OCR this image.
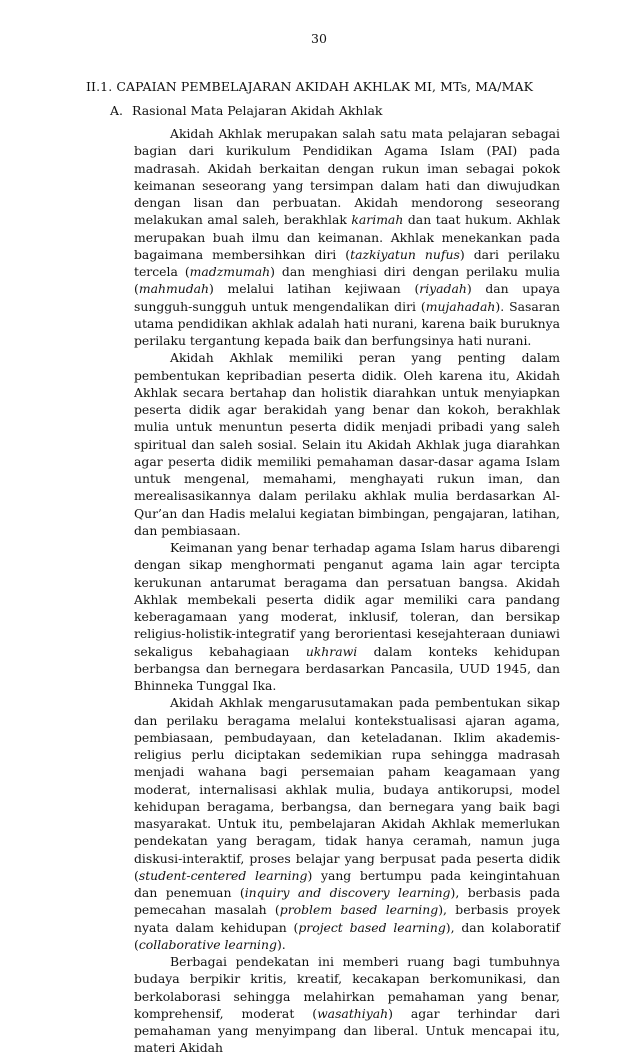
30
II.1. CAPAIAN PEMBELAJARAN AKIDAH AKHLAK MI, MTs, MA/MAK
A. Rasional Mata Pelajaran Akidah Akhlak

Akidah Akhlak merupakan salah satu mata pelajaran sebagai bagian dari kurikulum Pendidikan Agama Islam (PAI) pada madrasah. Akidah berkaitan dengan rukun iman sebagai pokok keimanan seseorang yang tersimpan dalam hati dan diwujudkan dengan lisan dan perbuatan. Akidah mendorong seseorang melakukan amal saleh, berakhlak karimah dan taat hukum. Akhlak merupakan buah ilmu dan keimanan. Akhlak menekankan pada bagaimana membersihkan diri (tazkiyatun nufus) dari perilaku tercela (madzmumah) dan menghiasi diri dengan perilaku mulia (mahmudah) melalui latihan kejiwaan (riyadah) dan upaya sungguh-sungguh untuk mengendalikan diri (mujahadah). Sasaran utama pendidikan akhlak adalah hati nurani, karena baik buruknya perilaku tergantung kepada baik dan berfungsinya hati nurani.

Akidah Akhlak memiliki peran yang penting dalam pembentukan kepribadian peserta didik. Oleh karena itu, Akidah Akhlak secara bertahap dan holistik diarahkan untuk menyiapkan peserta didik agar berakidah yang benar dan kokoh, berakhlak mulia untuk menuntun peserta didik menjadi pribadi yang saleh spiritual dan saleh sosial. Selain itu Akidah Akhlak juga diarahkan agar peserta didik memiliki pemahaman dasar-dasar agama Islam untuk mengenal, memahami, menghayati rukun iman, dan merealisasikannya dalam perilaku akhlak mulia berdasarkan Al-Qur’an dan Hadis melalui kegiatan bimbingan, pengajaran, latihan, dan pembiasaan.

Keimanan yang benar terhadap agama Islam harus dibarengi dengan sikap menghormati penganut agama lain agar tercipta kerukunan antarumat beragama dan persatuan bangsa. Akidah Akhlak membekali peserta didik agar memiliki cara pandang keberagamaan yang moderat, inklusif, toleran, dan bersikap religius-holistik-integratif yang berorientasi kesejahteraan duniawi sekaligus kebahagiaan ukhrawi dalam konteks kehidupan berbangsa dan bernegara berdasarkan Pancasila, UUD 1945, dan Bhinneka Tunggal Ika.

Akidah Akhlak mengarusutamakan pada pembentukan sikap dan perilaku beragama melalui kontekstualisasi ajaran agama, pembiasaan, pembudayaan, dan keteladanan. Iklim akademis-religius perlu diciptakan sedemikian rupa sehingga madrasah menjadi wahana bagi persemaian paham keagamaan yang moderat, internalisasi akhlak mulia, budaya antikorupsi, model kehidupan beragama, berbangsa, dan bernegara yang baik bagi masyarakat. Untuk itu, pembelajaran Akidah Akhlak memerlukan pendekatan yang beragam, tidak hanya ceramah, namun juga diskusi-interaktif, proses belajar yang berpusat pada peserta didik (student-centered learning) yang bertumpu pada keingintahuan dan penemuan (inquiry and discovery learning), berbasis pada pemecahan masalah (problem based learning), berbasis proyek nyata dalam kehidupan (project based learning), dan kolaboratif (collaborative learning).

Berbagai pendekatan ini memberi ruang bagi tumbuhnya budaya berpikir kritis, kreatif, kecakapan berkomunikasi, dan berkolaborasi sehingga melahirkan pemahaman yang benar, komprehensif, moderat (wasathiyah) agar terhindar dari pemahaman yang menyimpang dan liberal. Untuk mencapai itu, materi Akidah
